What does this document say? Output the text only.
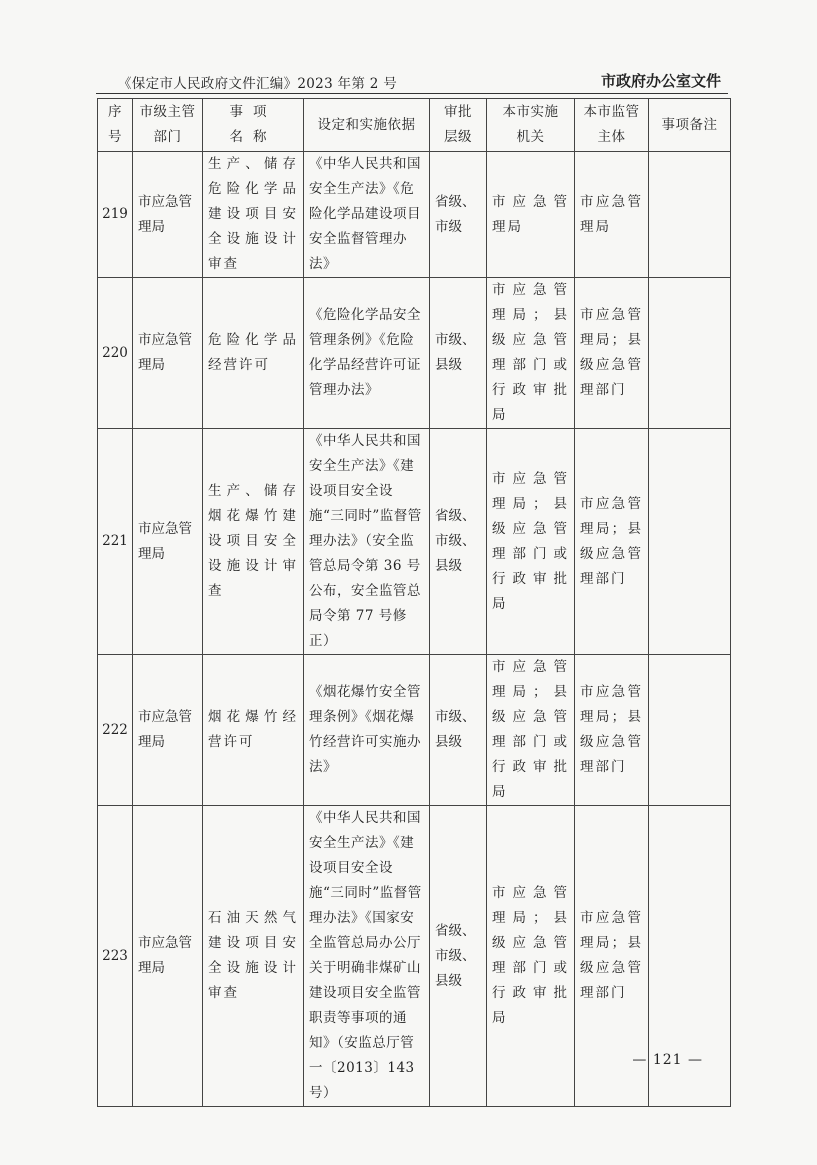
《保定市人民政府文件汇编》2023 年第 2 号	市政府办公室文件
序号	市级主管部门	事项名称	设定和实施依据	审批层级	本市实施机关	本市监管主体	事项备注
219	市应急管理局	生产、储存危险化学品建设项目安全设施设计审查	《中华人民共和国安全生产法》《危险化学品建设项目安全监督管理办法》	省级、市级	市应急管理局	市应急管理局	
220	市应急管理局	危险化学品经营许可	《危险化学品安全管理条例》《危险化学品经营许可证管理办法》	市级、县级	市应急管理局；县级应急管理部门或行政审批局	市应急管理局；县级应急管理部门	
221	市应急管理局	生产、储存烟花爆竹建设项目安全设施设计审查	《中华人民共和国安全生产法》《建设项目安全设施“三同时”监督管理办法》（安全监管总局令第 36 号公布，安全监管总局令第 77 号修正）	省级、市级、县级	市应急管理局；县级应急管理部门或行政审批局	市应急管理局；县级应急管理部门	
222	市应急管理局	烟花爆竹经营许可	《烟花爆竹安全管理条例》《烟花爆竹经营许可实施办法》	市级、县级	市应急管理局；县级应急管理部门或行政审批局	市应急管理局；县级应急管理部门	
223	市应急管理局	石油天然气建设项目安全设施设计审查	《中华人民共和国安全生产法》《建设项目安全设施“三同时”监督管理办法》《国家安全监管总局办公厅关于明确非煤矿山建设项目安全监管职责等事项的通知》（安监总厅管一〔2013〕143 号）	省级、市级、县级	市应急管理局；县级应急管理部门或行政审批局	市应急管理局；县级应急管理部门	
— 121 —
